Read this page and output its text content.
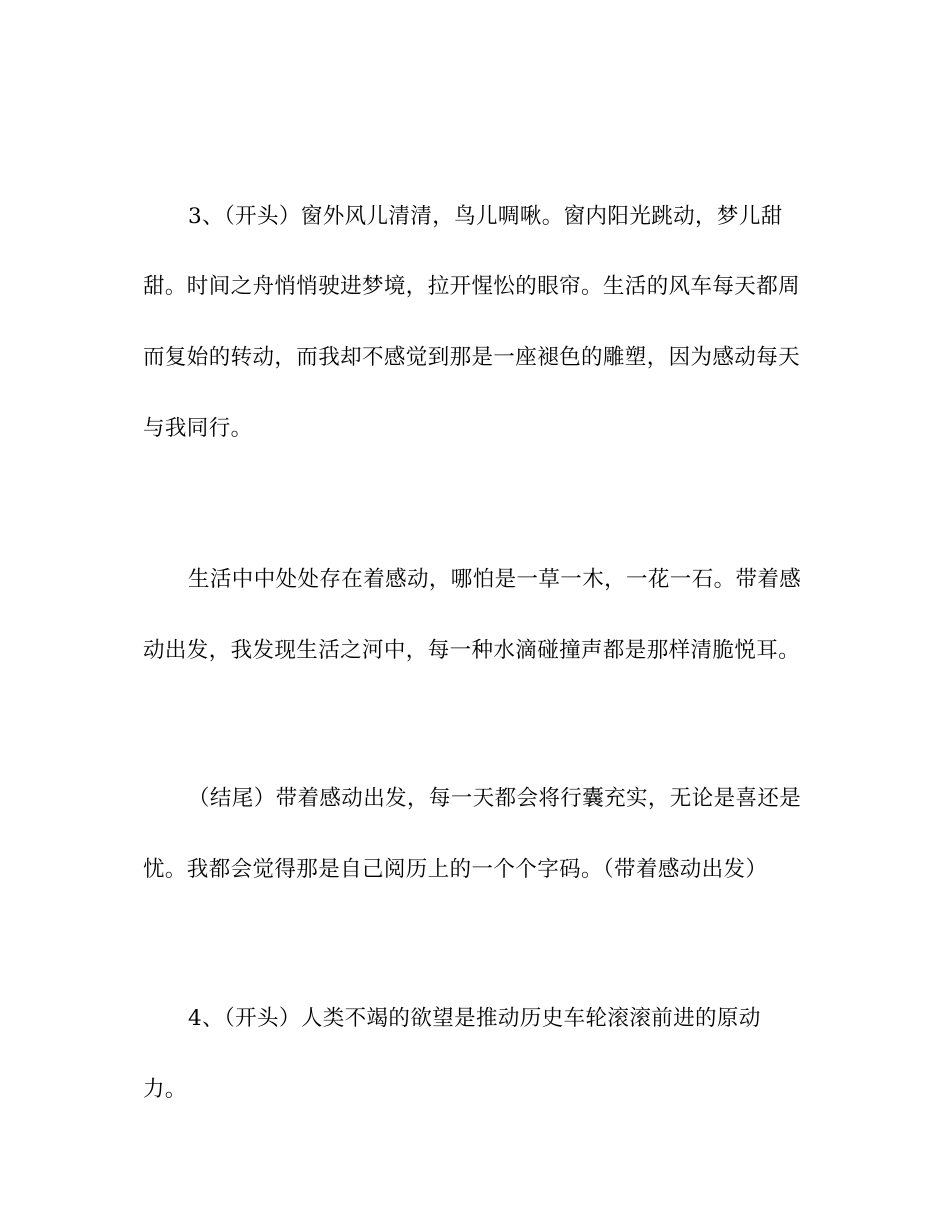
3、（开头）窗外风儿清清，鸟儿啁啾。窗内阳光跳动，梦儿甜
甜。时间之舟悄悄驶进梦境，拉开惺忪的眼帘。生活的风车每天都周
而复始的转动，而我却不感觉到那是一座褪色的雕塑，因为感动每天
与我同行。
生活中中处处存在着感动，哪怕是一草一木，一花一石。带着感
动出发，我发现生活之河中，每一种水滴碰撞声都是那样清脆悦耳。
（结尾）带着感动出发，每一天都会将行囊充实，无论是喜还是
忧。我都会觉得那是自己阅历上的一个个字码。（带着感动出发）
4、（开头）人类不竭的欲望是推动历史车轮滚滚前进的原动
力。
